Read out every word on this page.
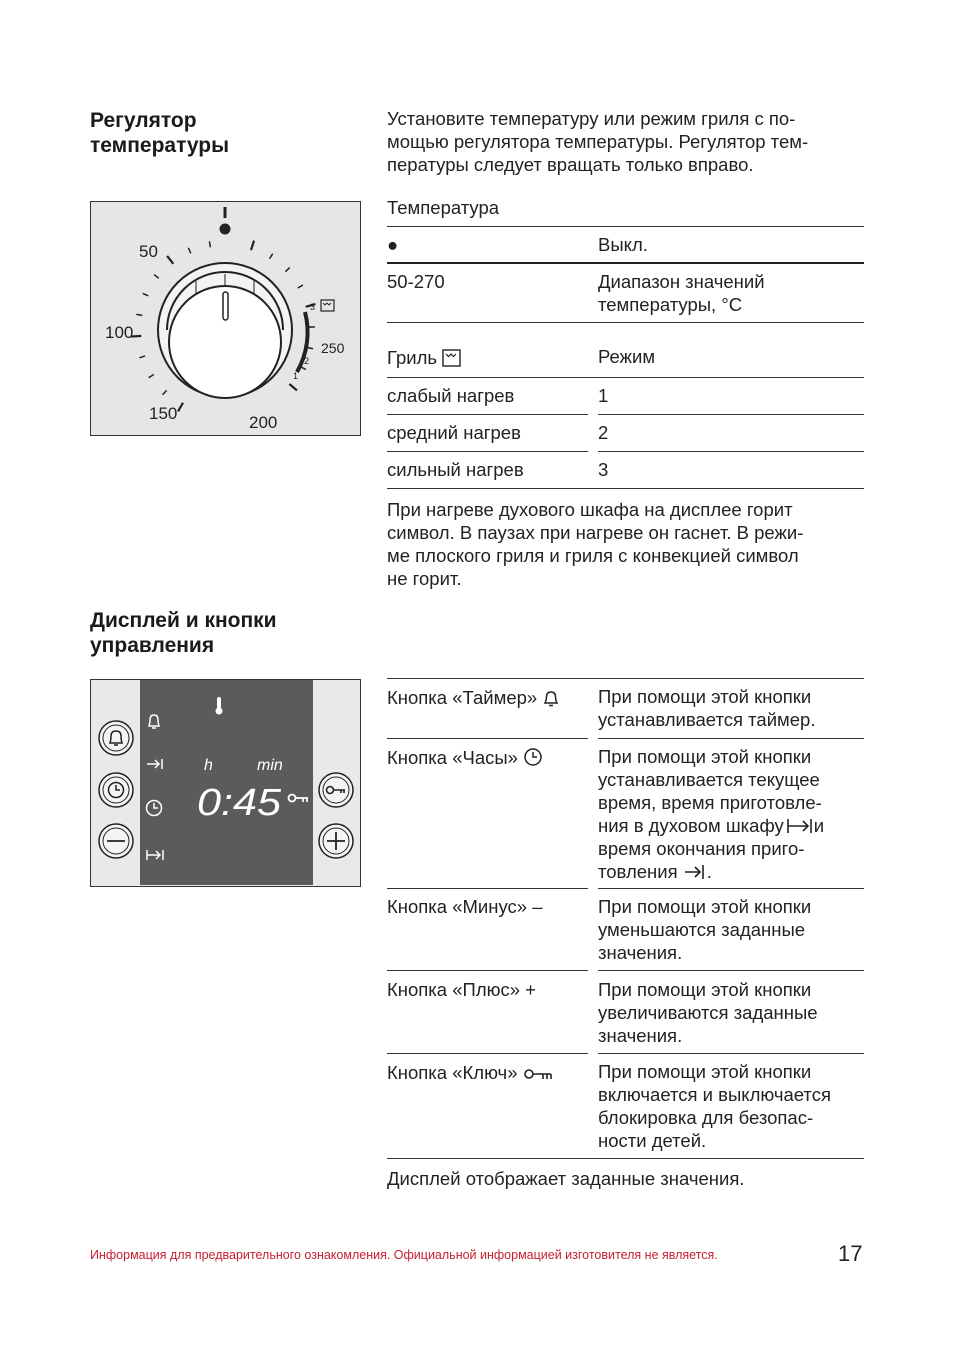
Регулятор
температуры
Установите температуру или режим гриля с по-
мощью регулятора температуры. Регулятор тем-
пературы следует вращать только вправо.
50
100
150	200
250
3
2
1
Температура
●	Выкл.
50-270	Диапазон значений
температуры, °C
Гриль	Режим
слабый нагрев	1
средний нагрев	2
сильный нагрев	3
При нагреве духового шкафа на дисплее горит
символ. В паузах при нагреве он гаснет. В режи-
ме плоского гриля и гриля с конвекцией символ
не горит.
Дисплей и кнопки
управления
h	min
0:45
Кнопка «Таймер»	При помощи этой кнопки
устанавливается таймер.
Кнопка «Часы»	При помощи этой кнопки
устанавливается текущее
время, время приготовле-
ния в духовом шкафу и
время окончания приго-
товления .
Кнопка «Минус» –	При помощи этой кнопки
уменьшаются заданные
значения.
Кнопка «Плюс» +	При помощи этой кнопки
увеличиваются заданные
значения.
Кнопка «Ключ»	При помощи этой кнопки
включается и выключается
блокировка для безопас-
ности детей.
Дисплей отображает заданные значения.
Информация для предварительного ознакомления. Официальной информацией изготовителя не является.	17
